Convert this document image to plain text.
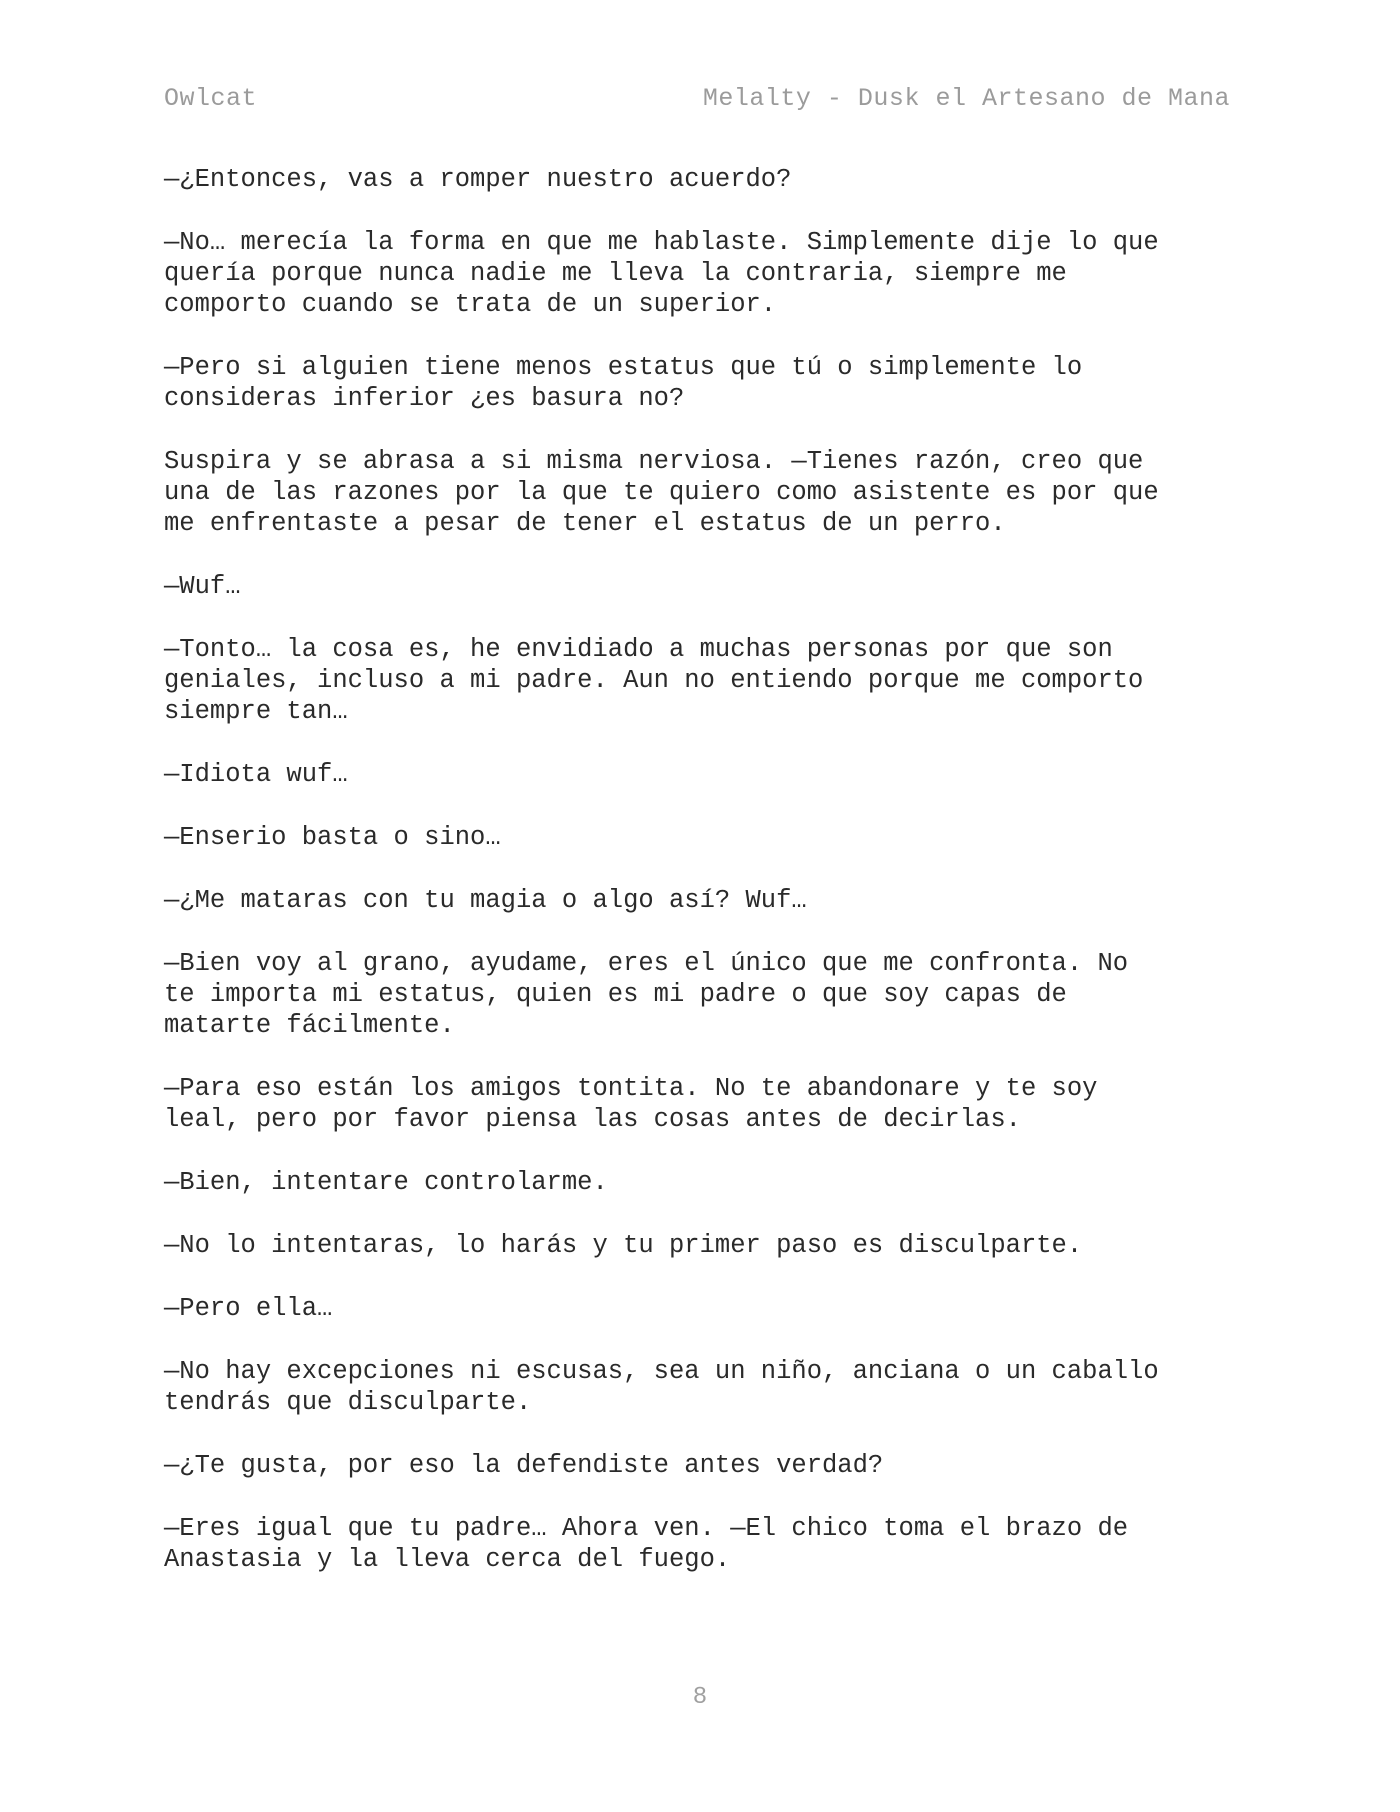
Owlcat	Melalty - Dusk el Artesano de Mana

—¿Entonces, vas a romper nuestro acuerdo?

—No… merecía la forma en que me hablaste. Simplemente dije lo que
quería porque nunca nadie me lleva la contraria, siempre me
comporto cuando se trata de un superior.

—Pero si alguien tiene menos estatus que tú o simplemente lo
consideras inferior ¿es basura no?

Suspira y se abrasa a si misma nerviosa. —Tienes razón, creo que
una de las razones por la que te quiero como asistente es por que
me enfrentaste a pesar de tener el estatus de un perro.

—Wuf…

—Tonto… la cosa es, he envidiado a muchas personas por que son
geniales, incluso a mi padre. Aun no entiendo porque me comporto
siempre tan…

—Idiota wuf…

—Enserio basta o sino…

—¿Me mataras con tu magia o algo así? Wuf…

—Bien voy al grano, ayudame, eres el único que me confronta. No
te importa mi estatus, quien es mi padre o que soy capas de
matarte fácilmente.

—Para eso están los amigos tontita. No te abandonare y te soy
leal, pero por favor piensa las cosas antes de decirlas.

—Bien, intentare controlarme.

—No lo intentaras, lo harás y tu primer paso es disculparte.

—Pero ella…

—No hay excepciones ni escusas, sea un niño, anciana o un caballo
tendrás que disculparte.

—¿Te gusta, por eso la defendiste antes verdad?

—Eres igual que tu padre… Ahora ven. —El chico toma el brazo de
Anastasia y la lleva cerca del fuego.

8
